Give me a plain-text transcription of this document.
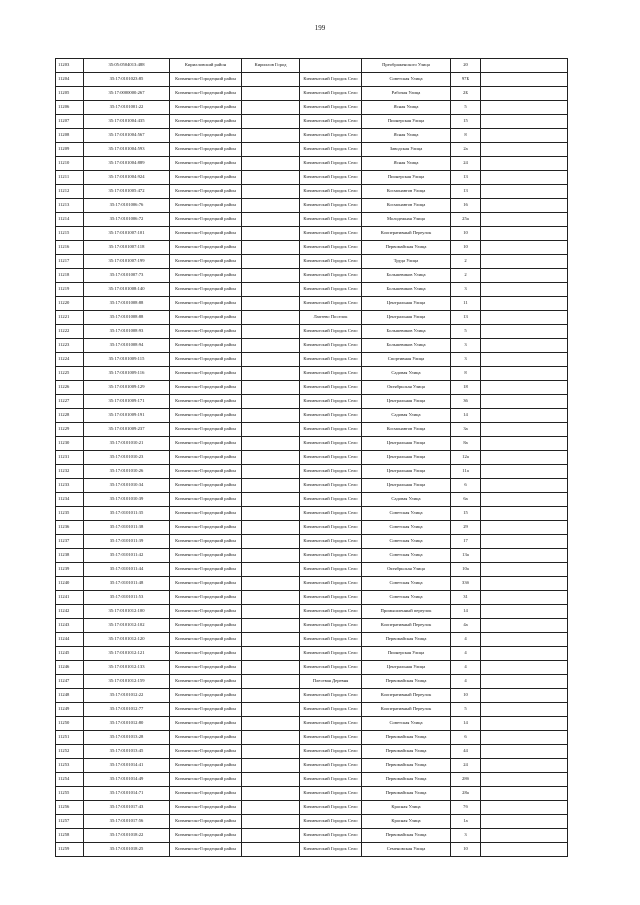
199
11203	35:05:0504013:488	Кирилловский район	Кириллов Город		Преображенского Улица	20	
11204	35:17:0101023:85	Кичменгско-Городецкий район		Кичменгский Городок Село	Советская Улица	97Б	
11205	35:17:0000000:267	Кичменгско-Городецкий район		Кичменгский Городок Село	Рабочая Улица	2Б	
11206	35:17:0101001:22	Кичменгско-Городецкий район		Кичменгский Городок Село	Ясная Улица	5	
11207	35:17:0101004:435	Кичменгско-Городецкий район		Кичменгский Городок Село	Пионерская Улица	15	
11208	35:17:0101004:567	Кичменгско-Городецкий район		Кичменгский Городок Село	Ясная Улица	8	
11209	35:17:0101004:593	Кичменгско-Городецкий район		Кичменгский Городок Село	Заводская Улица	2а	
11210	35:17:0101004:889	Кичменгско-Городецкий район		Кичменгский Городок Село	Ясная Улица	24	
11211	35:17:0101004:924	Кичменгско-Городецкий район		Кичменгский Городок Село	Пионерская Улица	13	
11212	35:17:0101005:472	Кичменгско-Городецкий район		Кичменгский Городок Село	Космонавтов Улица	13	
11213	35:17:0101006:76	Кичменгско-Городецкий район		Кичменгский Городок Село	Космонавтов Улица	16	
11214	35:17:0101006:72	Кичменгско-Городецкий район		Кичменгский Городок Село	Молодежная Улица	25а	
11215	35:17:0101007:101	Кичменгско-Городецкий район		Кичменгский Городок Село	Кооперативный Переулок	10	
11216	35:17:0101007:118	Кичменгско-Городецкий район		Кичменгский Городок Село	Первомайская Улица	10	
11217	35:17:0101007:199	Кичменгско-Городецкий район		Кичменгский Городок Село	Труда Улица	2	
11218	35:17:0101007:73	Кичменгско-Городецкий район		Кичменгский Городок Село	Большевиков Улица	2	
11219	35:17:0101008:140	Кичменгско-Городецкий район		Кичменгский Городок Село	Большевиков Улица	3	
11220	35:17:0101008:88	Кичменгско-Городецкий район		Кичменгский Городок Село	Центральная Улица	11	
11221	35:17:0101008:88	Кичменгско-Городецкий район		Лаптево Поселок	Центральная Улица	13	
11222	35:17:0101008:93	Кичменгско-Городецкий район		Кичменгский Городок Село	Большевиков Улица	5	
11223	35:17:0101008:94	Кичменгско-Городецкий район		Кичменгский Городок Село	Большевиков Улица	3	
11224	35:17:0101009:115	Кичменгско-Городецкий район		Кичменгский Городок Село	Спортивная Улица	3	
11225	35:17:0101009:116	Кичменгско-Городецкий район		Кичменгский Городок Село	Садовая Улица	8	
11226	35:17:0101009:129	Кичменгско-Городецкий район		Кичменгский Городок Село	Октябрьская Улица	18	
11227	35:17:0101009:171	Кичменгско-Городецкий район		Кичменгский Городок Село	Центральная Улица	36	
11228	35:17:0101009:191	Кичменгско-Городецкий район		Кичменгский Городок Село	Садовая Улица	14	
11229	35:17:0101009:237	Кичменгско-Городецкий район		Кичменгский Городок Село	Космонавтов Улица	3а	
11230	35:17:0101010:21	Кичменгско-Городецкий район		Кичменгский Городок Село	Центральная Улица	8а	
11231	35:17:0101010:23	Кичменгско-Городецкий район		Кичменгский Городок Село	Центральная Улица	12а	
11232	35:17:0101010:26	Кичменгско-Городецкий район		Кичменгский Городок Село	Центральная Улица	11а	
11233	35:17:0101010:34	Кичменгско-Городецкий район		Кичменгский Городок Село	Центральная Улица	6	
11234	35:17:0101010:39	Кичменгско-Городецкий район		Кичменгский Городок Село	Садовая Улица	6а	
11235	35:17:0101011:35	Кичменгско-Городецкий район		Кичменгский Городок Село	Советская Улица	15	
11236	35:17:0101011:38	Кичменгско-Городецкий район		Кичменгский Городок Село	Советская Улица	29	
11237	35:17:0101011:39	Кичменгско-Городецкий район		Кичменгский Городок Село	Советская Улица	17	
11238	35:17:0101011:42	Кичменгско-Городецкий район		Кичменгский Городок Село	Советская Улица	13а	
11239	35:17:0101011:44	Кичменгско-Городецкий район		Кичменгский Городок Село	Октябрьская Улица	10а	
11240	35:17:0101011:48	Кичменгско-Городецкий район		Кичменгский Городок Село	Советская Улица	33б	
11241	35:17:0101011:53	Кичменгско-Городецкий район		Кичменгский Городок Село	Советская Улица	31	
11242	35:17:0101012:100	Кичменгско-Городецкий район		Кичменгский Городок Село	Промышленный переулок	14	
11243	35:17:0101012:102	Кичменгско-Городецкий район		Кичменгский Городок Село	Кооперативный Переулок	4а	
11244	35:17:0101012:120	Кичменгско-Городецкий район		Кичменгский Городок Село	Первомайская Улица	4	
11245	35:17:0101012:121	Кичменгско-Городецкий район		Кичменгский Городок Село	Пионерская Улица	4	
11246	35:17:0101012:133	Кичменгско-Городецкий район		Кичменгский Городок Село	Центральная Улица	4	
11247	35:17:0101012:159	Кичменгско-Городецкий район		Плесевая Деревня	Первомайская Улица	4	
11248	35:17:0101012:22	Кичменгско-Городецкий район		Кичменгский Городок Село	Кооперативный Переулок	10	
11249	35:17:0101012:77	Кичменгско-Городецкий район		Кичменгский Городок Село	Кооперативный Переулок	5	
11250	35:17:0101012:80	Кичменгско-Городецкий район		Кичменгский Городок Село	Советская Улица	14	
11251	35:17:0101013:28	Кичменгско-Городецкий район		Кичменгский Городок Село	Первомайская Улица	6	
11252	35:17:0101013:45	Кичменгско-Городецкий район		Кичменгский Городок Село	Первомайская Улица	44	
11253	35:17:0101014:41	Кичменгско-Городецкий район		Кичменгский Городок Село	Первомайская Улица	24	
11254	35:17:0101014:49	Кичменгско-Городецкий район		Кичменгский Городок Село	Первомайская Улица	28б	
11255	35:17:0101014:71	Кичменгско-Городецкий район		Кичменгский Городок Село	Первомайская Улица	28а	
11256	35:17:0101017:43	Кичменгско-Городецкий район		Кичменгский Городок Село	Красная Улица	7б	
11257	35:17:0101017:56	Кичменгско-Городецкий район		Кичменгский Городок Село	Красная Улица	1а	
11258	35:17:0101018:22	Кичменгско-Городецкий район		Кичменгский Городок Село	Первомайская Улица	3	
11259	35:17:0101018:25	Кичменгско-Городецкий район		Кичменгский Городок Село	Семеновская Улица	10	
